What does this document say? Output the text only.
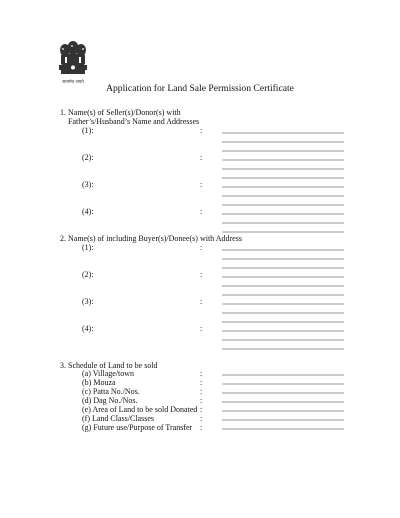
सत्यमेव जयते
Application for Land Sale Permission Certificate
1. Name(s) of Seller(s)/Donor(s) with
Father’s/Husband’s Name and Addresses
(1):	:
(2):	:
(3):	:
(4):	:
2. Name(s) of including Buyer(s)/Donee(s) with Address
(1):	:
(2):	:
(3):	:
(4):	:
3. Schedule of Land to be sold
(a) Village/town	:
(b) Mouza	:
(c) Patta No./Nos.	:
(d) Dag No./Nos.	:
(e) Area of Land to be sold Donated :
(f) Land Class/Classes	:
(g) Future use/Purpose of Transfer :
